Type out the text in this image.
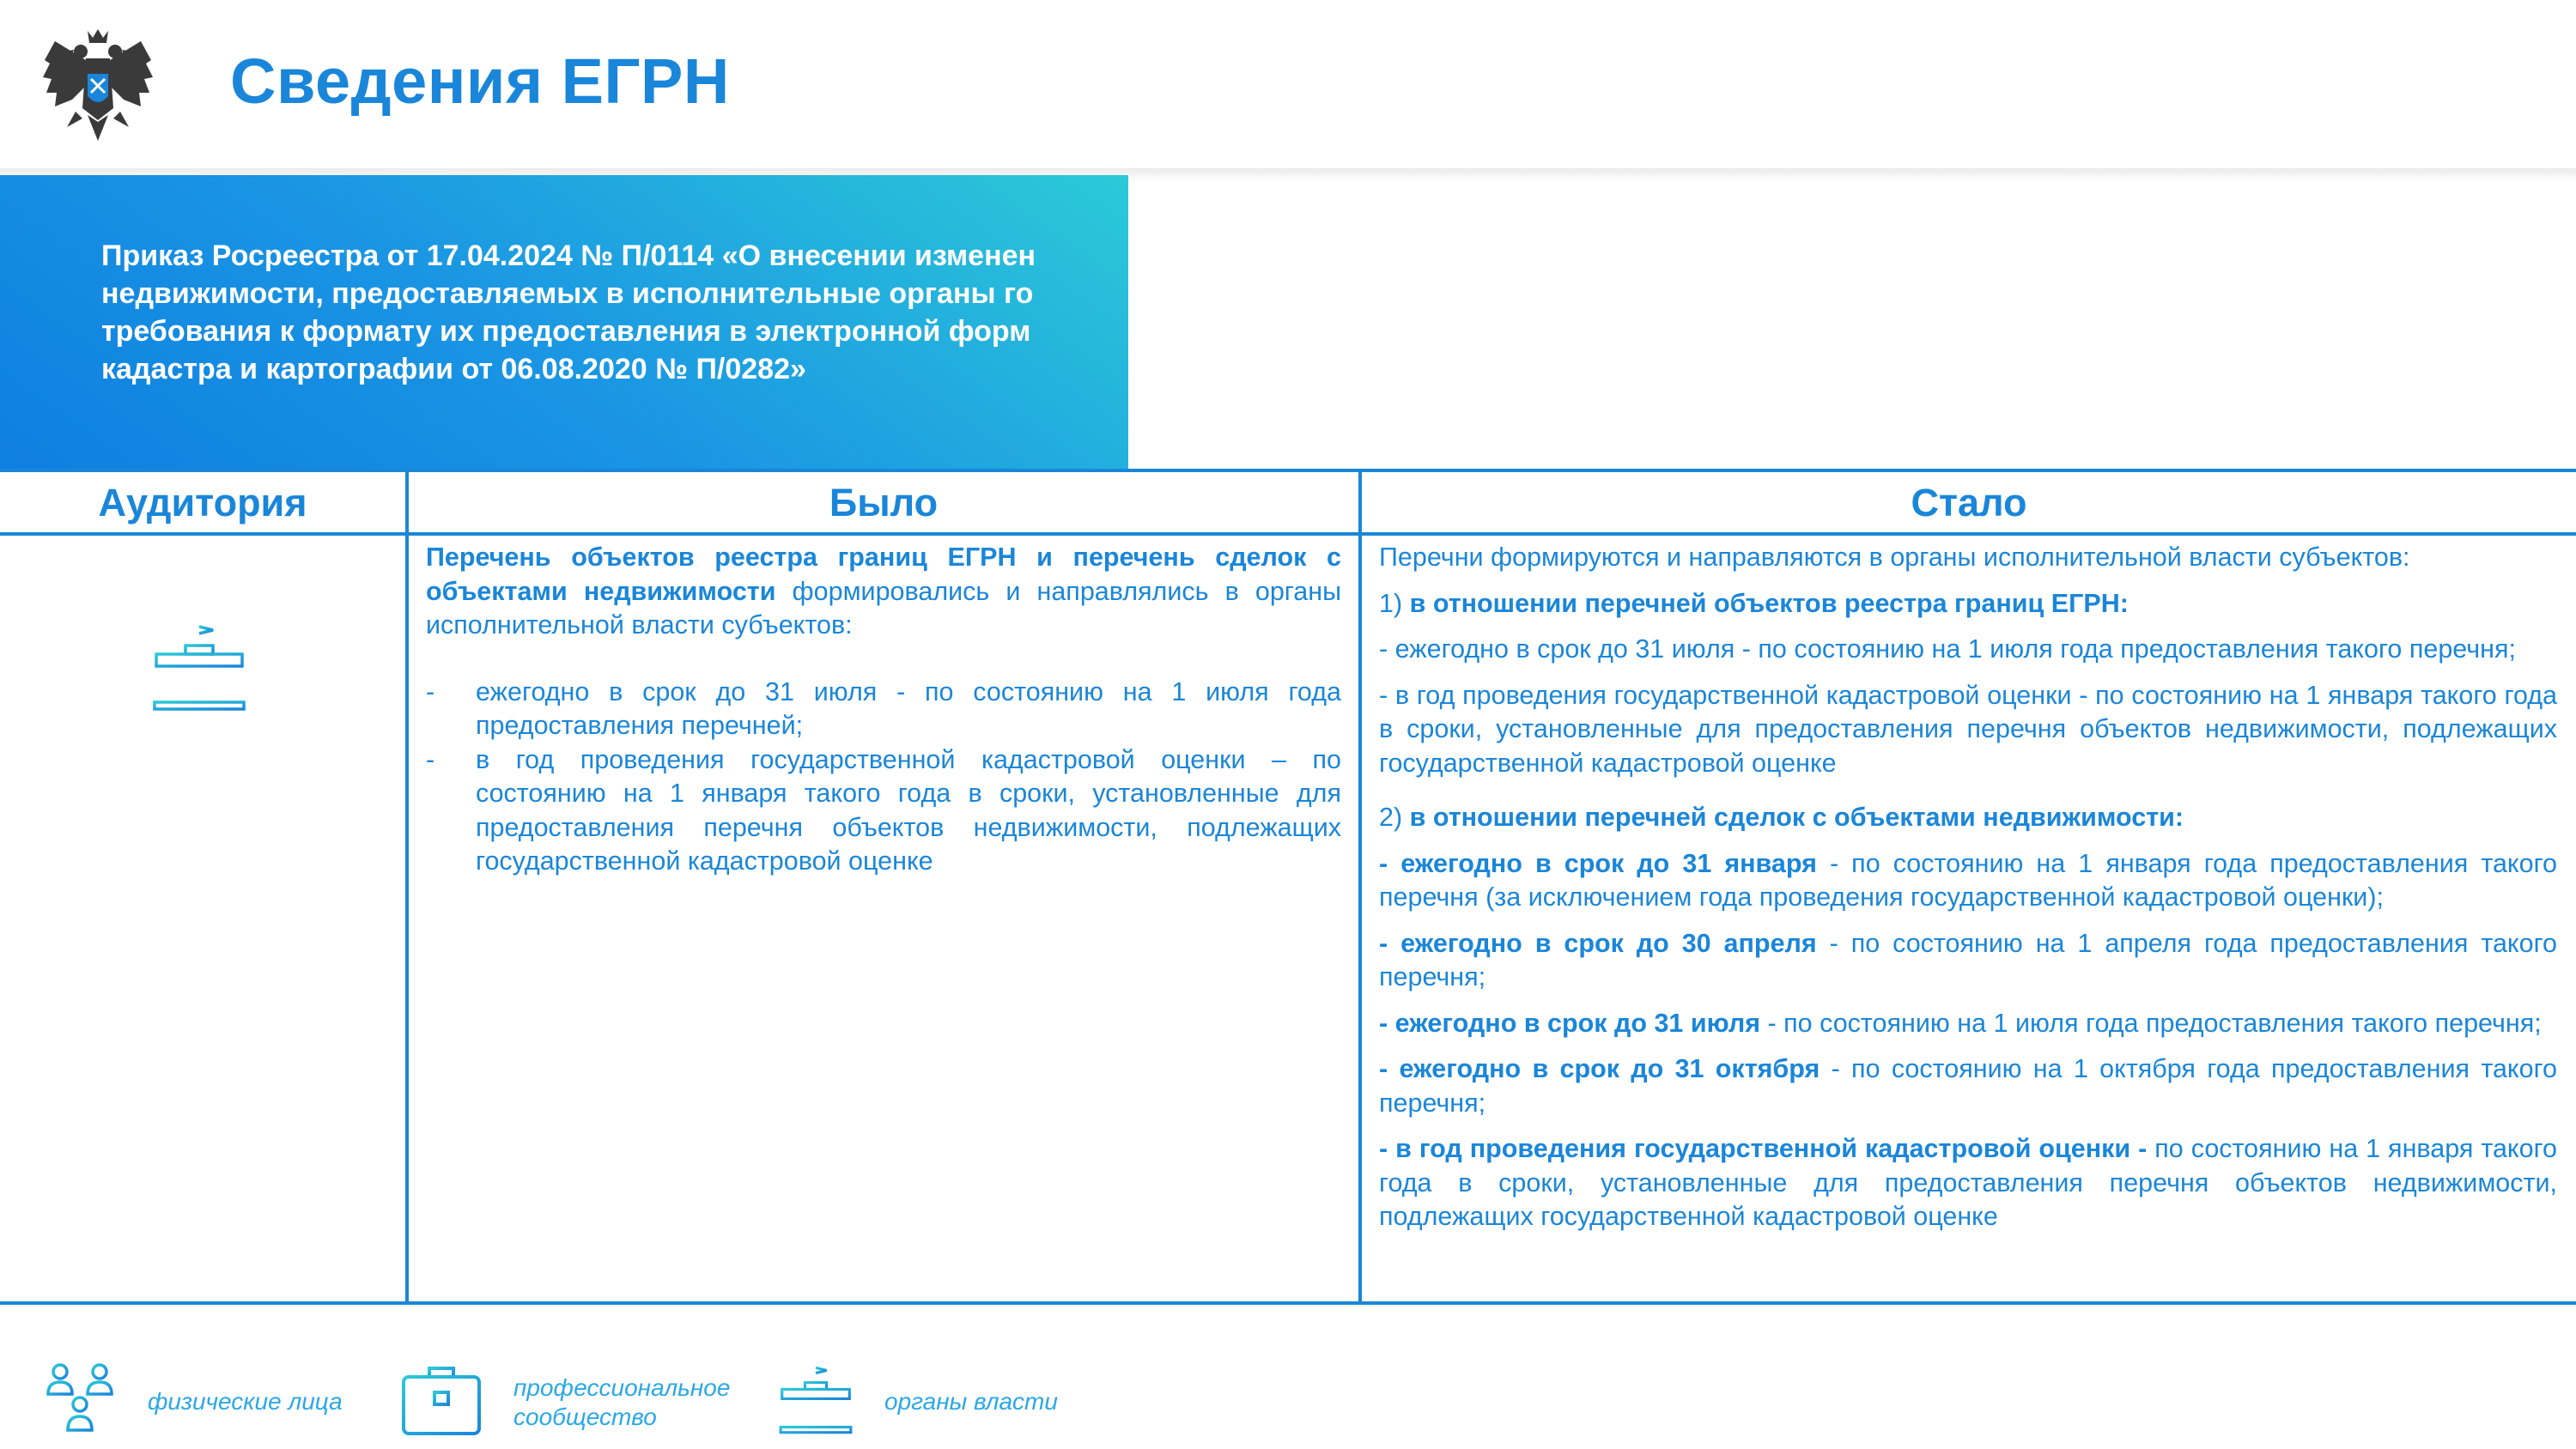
Сведения ЕГРН
Приказ Росреестра от 17.04.2024 № П/0114 «О внесении изменен
недвижимости, предоставляемых в исполнительные органы го
требования к формату их предоставления в электронной форм
кадастра и картографии от 06.08.2020 № П/0282»
Аудитория	Было	Стало

Перечень объектов реестра границ ЕГРН и перечень сделок с объектами недвижимости формировались и направлялись в органы исполнительной власти субъектов:

- ежегодно в срок до 31 июля - по состоянию на 1 июля года предоставления перечней;
- в год проведения государственной кадастровой оценки – по состоянию на 1 января такого года в сроки, установленные для предоставления перечня объектов недвижимости, подлежащих государственной кадастровой оценке

Перечни формируются и направляются в органы исполнительной власти субъектов:

1) в отношении перечней объектов реестра границ ЕГРН:

- ежегодно в срок до 31 июля - по состоянию на 1 июля года предоставления такого перечня;

- в год проведения государственной кадастровой оценки - по состоянию на 1 января такого года в сроки, установленные для предоставления перечня объектов недвижимости, подлежащих государственной кадастровой оценке

2) в отношении перечней сделок с объектами недвижимости:

- ежегодно в срок до 31 января - по состоянию на 1 января года предоставления такого перечня (за исключением года проведения государственной кадастровой оценки);

- ежегодно в срок до 30 апреля - по состоянию на 1 апреля года предоставления такого перечня;

- ежегодно в срок до 31 июля - по состоянию на 1 июля года предоставления такого перечня;

- ежегодно в срок до 31 октября - по состоянию на 1 октября года предоставления такого перечня;

- в год проведения государственной кадастровой оценки - по состоянию на 1 января такого года в сроки, установленные для предоставления перечня объектов недвижимости, подлежащих государственной кадастровой оценке

физические лица
профессиональное сообщество
органы власти
